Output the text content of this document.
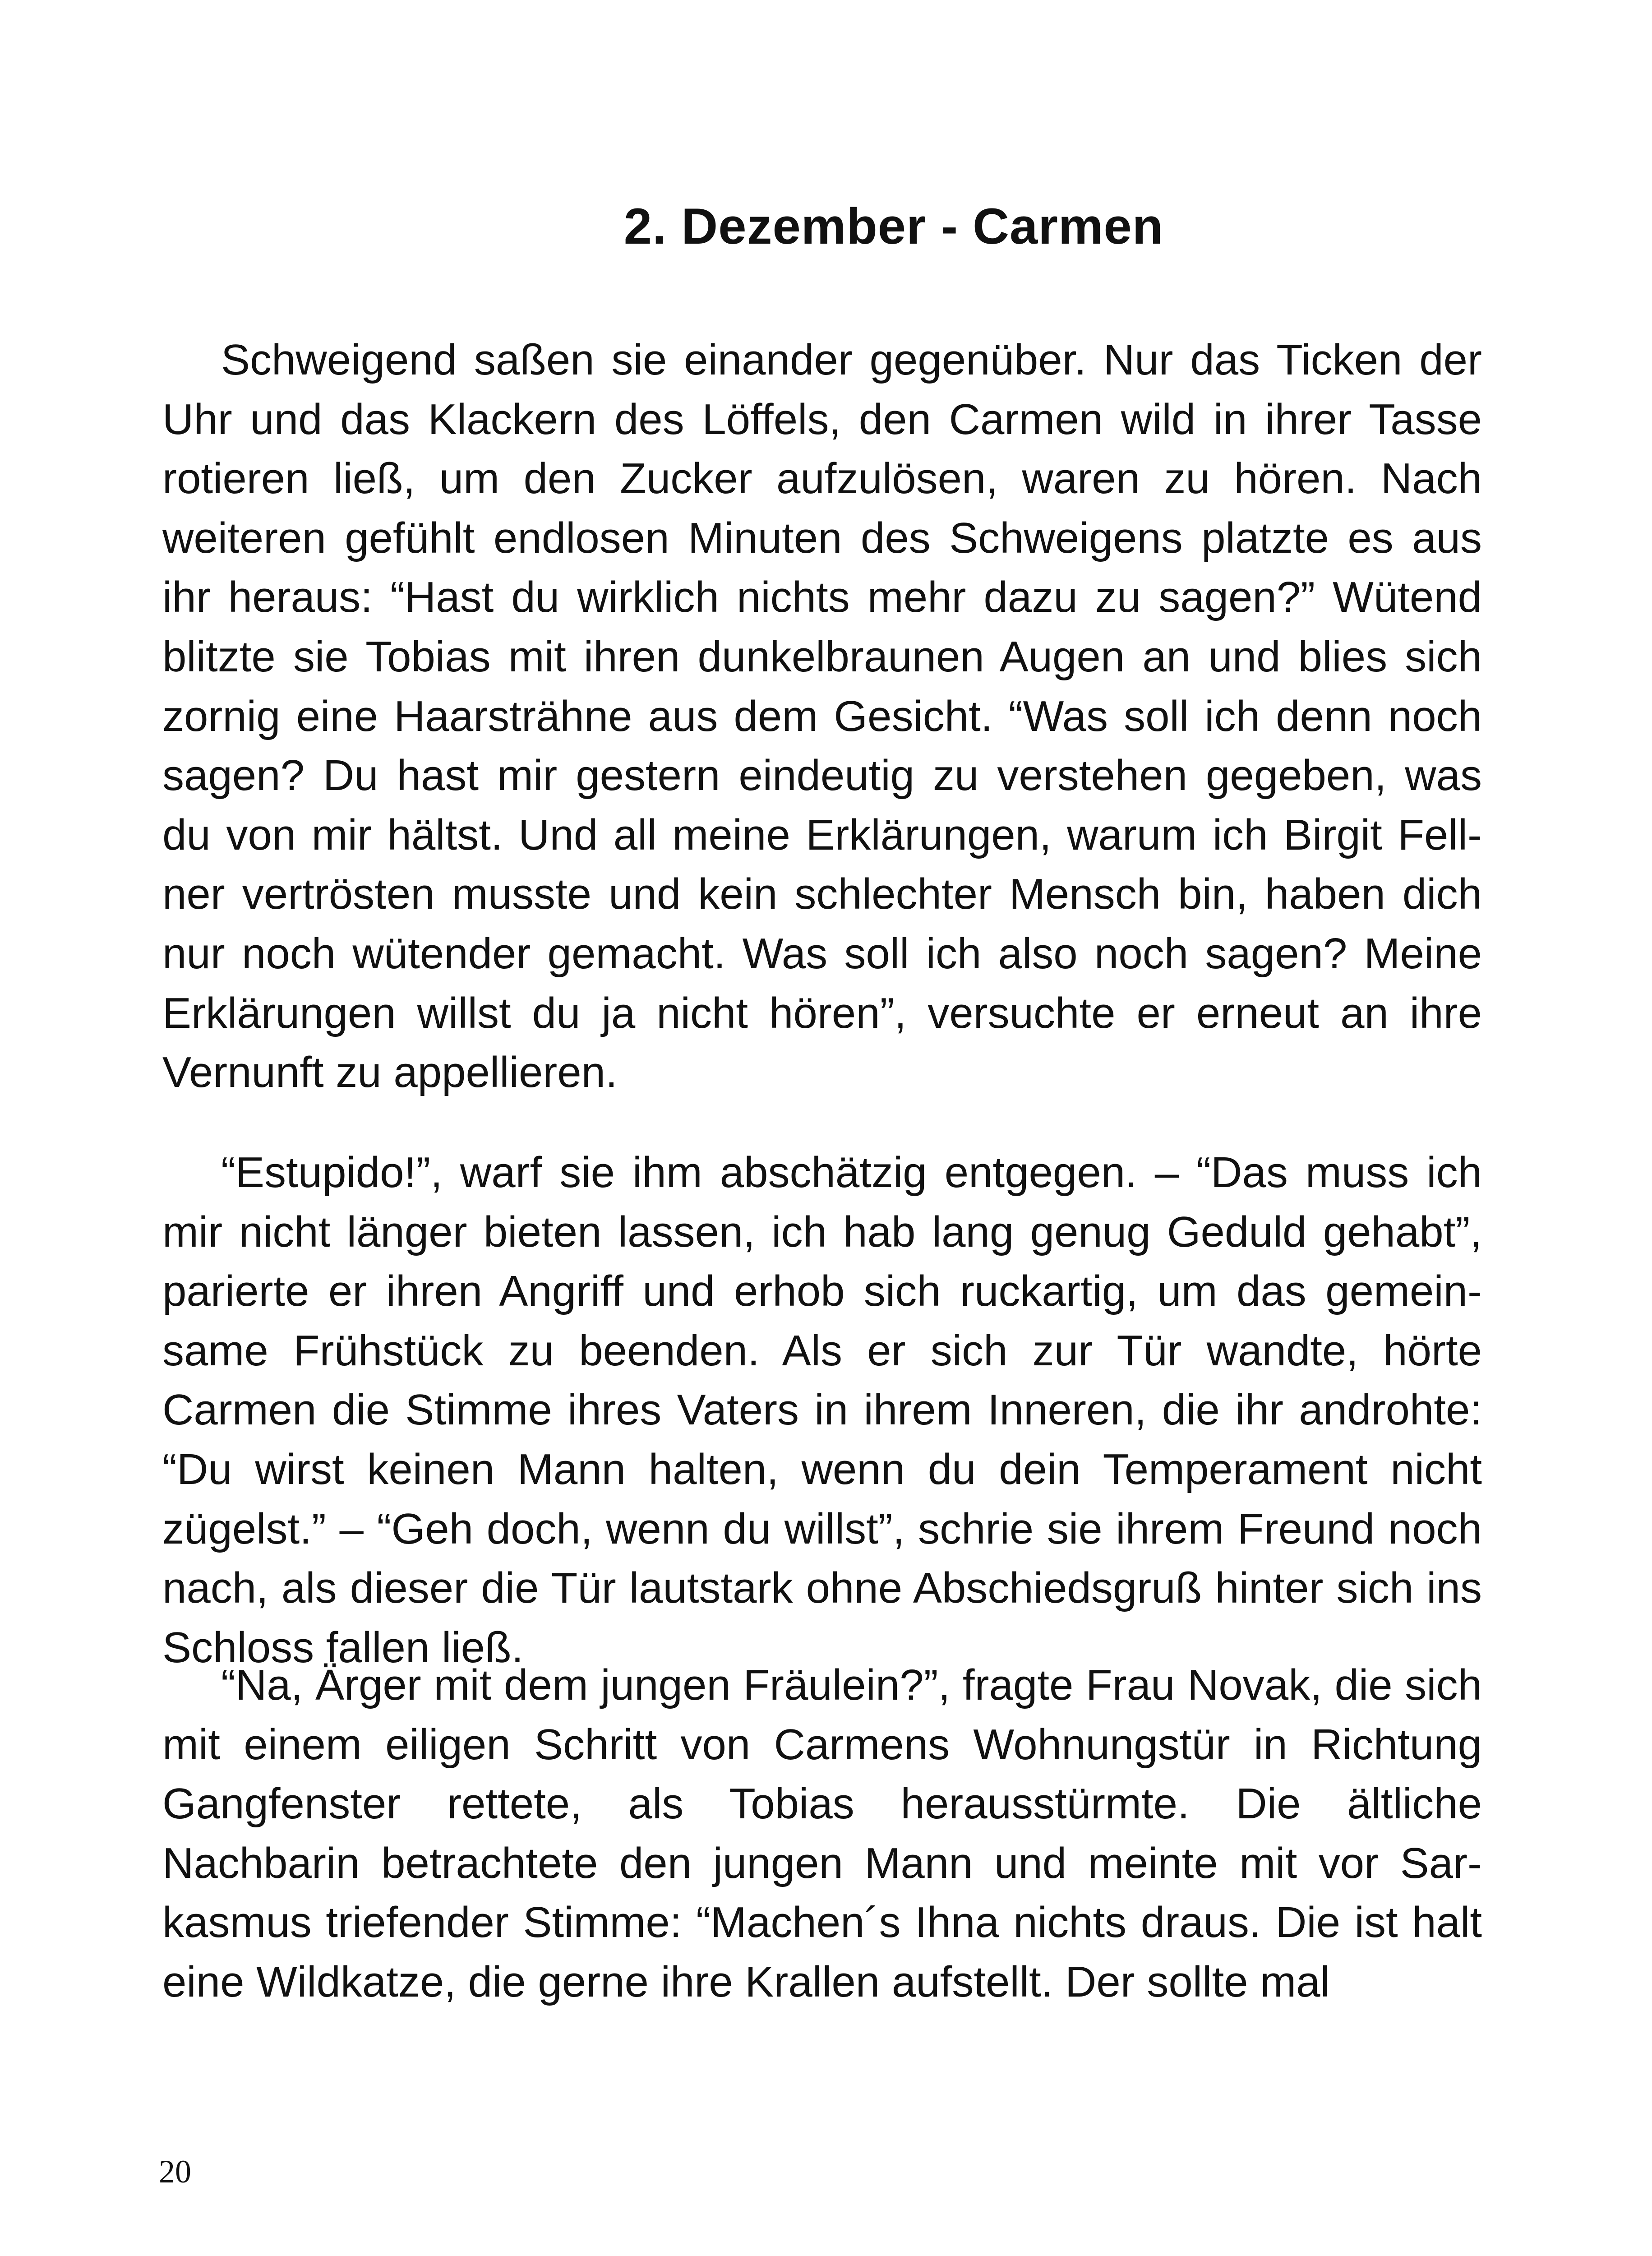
2. Dezember - Carmen

Schweigend saßen sie einander gegenüber. Nur das Ticken der Uhr und das Klackern des Löffels, den Carmen wild in ihrer Tasse rotieren ließ, um den Zucker aufzulösen, waren zu hören. Nach weiteren gefühlt endlosen Minuten des Schweigens platzte es aus ihr heraus: “Hast du wirklich nichts mehr dazu zu sagen?” Wütend blitzte sie Tobias mit ihren dunkelbraunen Augen an und blies sich zornig eine Haarsträhne aus dem Gesicht. “Was soll ich denn noch sagen? Du hast mir gestern eindeutig zu verstehen gegeben, was du von mir hältst. Und all meine Erklärungen, warum ich Birgit Fellner vertrösten musste und kein schlechter Mensch bin, haben dich nur noch wütender gemacht. Was soll ich also noch sagen? Meine Erklärungen willst du ja nicht hören”, versuchte er erneut an ihre Vernunft zu appellieren.

“Estupido!”, warf sie ihm abschätzig entgegen. – “Das muss ich mir nicht länger bieten lassen, ich hab lang genug Geduld gehabt”, parierte er ihren Angriff und erhob sich ruckartig, um das gemeinsame Frühstück zu beenden. Als er sich zur Tür wandte, hörte Carmen die Stimme ihres Vaters in ihrem Inneren, die ihr androhte: “Du wirst keinen Mann halten, wenn du dein Temperament nicht zügelst.” – “Geh doch, wenn du willst”, schrie sie ihrem Freund noch nach, als dieser die Tür lautstark ohne Abschiedsgruß hinter sich ins Schloss fallen ließ.

“Na, Ärger mit dem jungen Fräulein?”, fragte Frau Novak, die sich mit einem eiligen Schritt von Carmens Wohnungstür in Richtung Gangfenster rettete, als Tobias herausstürmte. Die ältliche Nachbarin betrachtete den jungen Mann und meinte mit vor Sarkasmus triefender Stimme: “Machen´s Ihna nichts draus. Die ist halt eine Wildkatze, die gerne ihre Krallen aufstellt. Der sollte mal

20
